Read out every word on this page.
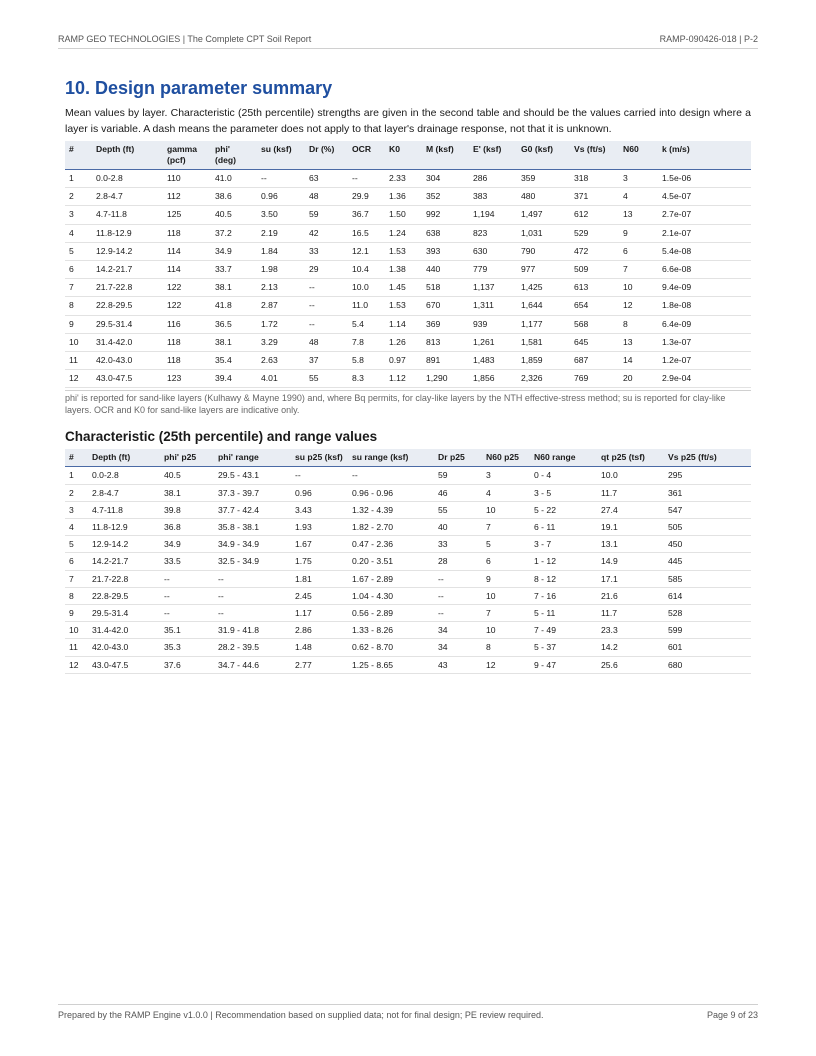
RAMP GEO TECHNOLOGIES | The Complete CPT Soil Report	RAMP-090426-018 | P-2
10. Design parameter summary

Mean values by layer. Characteristic (25th percentile) strengths are given in the second table and should be the values carried into design where a layer is variable. A dash means the parameter does not apply to that layer's drainage response, not that it is unknown.

#	Depth (ft)	gamma (pcf)	phi' (deg)	su (ksf)	Dr (%)	OCR	K0	M (ksf)	E' (ksf)	G0 (ksf)	Vs (ft/s)	N60	k (m/s)
1	0.0-2.8	110	41.0	--	63	--	2.33	304	286	359	318	3	1.5e-06
2	2.8-4.7	112	38.6	0.96	48	29.9	1.36	352	383	480	371	4	4.5e-07
3	4.7-11.8	125	40.5	3.50	59	36.7	1.50	992	1,194	1,497	612	13	2.7e-07
4	11.8-12.9	118	37.2	2.19	42	16.5	1.24	638	823	1,031	529	9	2.1e-07
5	12.9-14.2	114	34.9	1.84	33	12.1	1.53	393	630	790	472	6	5.4e-08
6	14.2-21.7	114	33.7	1.98	29	10.4	1.38	440	779	977	509	7	6.6e-08
7	21.7-22.8	122	38.1	2.13	--	10.0	1.45	518	1,137	1,425	613	10	9.4e-09
8	22.8-29.5	122	41.8	2.87	--	11.0	1.53	670	1,311	1,644	654	12	1.8e-08
9	29.5-31.4	116	36.5	1.72	--	5.4	1.14	369	939	1,177	568	8	6.4e-09
10	31.4-42.0	118	38.1	3.29	48	7.8	1.26	813	1,261	1,581	645	13	1.3e-07
11	42.0-43.0	118	35.4	2.63	37	5.8	0.97	891	1,483	1,859	687	14	1.2e-07
12	43.0-47.5	123	39.4	4.01	55	8.3	1.12	1,290	1,856	2,326	769	20	2.9e-04

phi' is reported for sand-like layers (Kulhawy & Mayne 1990) and, where Bq permits, for clay-like layers by the NTH effective-stress method; su is reported for clay-like layers. OCR and K0 for sand-like layers are indicative only.

Characteristic (25th percentile) and range values
#	Depth (ft)	phi' p25	phi' range	su p25 (ksf)	su range (ksf)	Dr p25	N60 p25	N60 range	qt p25 (tsf)	Vs p25 (ft/s)
1	0.0-2.8	40.5	29.5 - 43.1	--	--	59	3	0 - 4	10.0	295
2	2.8-4.7	38.1	37.3 - 39.7	0.96	0.96 - 0.96	46	4	3 - 5	11.7	361
3	4.7-11.8	39.8	37.7 - 42.4	3.43	1.32 - 4.39	55	10	5 - 22	27.4	547
4	11.8-12.9	36.8	35.8 - 38.1	1.93	1.82 - 2.70	40	7	6 - 11	19.1	505
5	12.9-14.2	34.9	34.9 - 34.9	1.67	0.47 - 2.36	33	5	3 - 7	13.1	450
6	14.2-21.7	33.5	32.5 - 34.9	1.75	0.20 - 3.51	28	6	1 - 12	14.9	445
7	21.7-22.8	--	--	1.81	1.67 - 2.89	--	9	8 - 12	17.1	585
8	22.8-29.5	--	--	2.45	1.04 - 4.30	--	10	7 - 16	21.6	614
9	29.5-31.4	--	--	1.17	0.56 - 2.89	--	7	5 - 11	11.7	528
10	31.4-42.0	35.1	31.9 - 41.8	2.86	1.33 - 8.26	34	10	7 - 49	23.3	599
11	42.0-43.0	35.3	28.2 - 39.5	1.48	0.62 - 8.70	34	8	5 - 37	14.2	601
12	43.0-47.5	37.6	34.7 - 44.6	2.77	1.25 - 8.65	43	12	9 - 47	25.6	680
Prepared by the RAMP Engine v1.0.0 | Recommendation based on supplied data; not for final design; PE review required.	Page 9 of 23
